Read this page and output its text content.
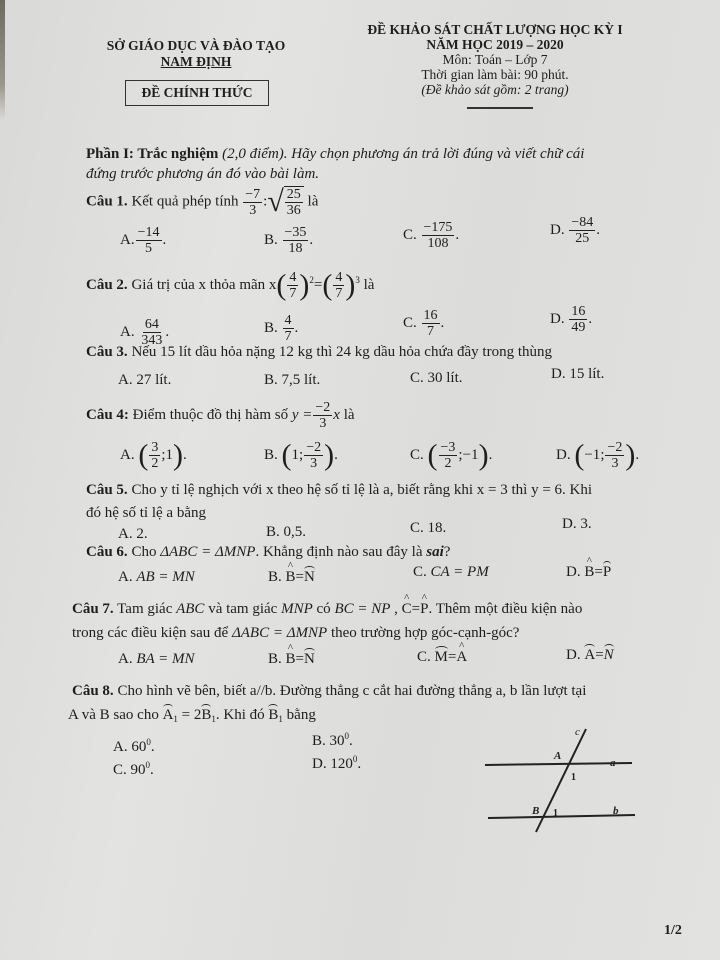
SỞ GIÁO DỤC VÀ ĐÀO TẠO
NAM ĐỊNH
ĐỀ CHÍNH THỨC
ĐỀ KHẢO SÁT CHẤT LƯỢNG HỌC KỲ I
NĂM HỌC 2019 – 2020
Môn: Toán – Lớp 7
Thời gian làm bài: 90 phút.
(Đề khảo sát gồm: 2 trang)
Phần I: Trắc nghiệm (2,0 điểm). Hãy chọn phương án trả lời đúng và viết chữ cái
đứng trước phương án đó vào bài làm.
Câu 1. Kết quả phép tính $\frac{-7}{3}$ : √ $\frac{25}{36}$ là
A. $\frac{-14}{5}$ .	B. $\frac{-35}{18}$ .	C. $\frac{-175}{108}$ .	D. $\frac{-84}{25}$ .
Câu 2. Giá trị của x thỏa mãn $x( \frac{4}{7} )^2=( \frac{4}{7} )^3$ là
A. $\frac{64}{343}$ .	B. $\frac{4}{7}$ .	C. $\frac{16}{7}$ .	D. $\frac{16}{49}$ .
Câu 3. Nếu 15 lít dầu hỏa nặng 12 kg thì 24 kg dầu hỏa chứa đầy trong thùng
A. 27 lít.	B. 7,5 lít.	C. 30 lít.	D. 15 lít.
Câu 4: Điểm thuộc đồ thị hàm số $y = \frac{-2}{3}$ x là
A. ( $\frac{3}{2}$ ;1).	B. (1; $\frac{-2}{3}$ ).	C. ( $\frac{-3}{2}$ ;−1).	D. (−1; $\frac{-2}{3}$ ).
Câu 5. Cho y tỉ lệ nghịch với x theo hệ số tỉ lệ là a, biết rằng khi x = 3 thì y = 6. Khi
đó hệ số tỉ lệ a bằng
A. 2.	B. 0,5.	C. 18.	D. 3.
Câu 6. Cho ΔABC = ΔMNP. Khẳng định nào sau đây là sai?
A. AB = MN	B. ^ B=N	C. CA = PM	D. ^ B=P
Câu 7. Tam giác ABC và tam giác MNP có BC = NP , ^ C=^ P. Thêm một điều kiện nào
trong các điều kiện sau để ΔABC = ΔMNP theo trường hợp góc-cạnh-góc?
A. BA = MN	B. ^ B=N	C. M=^ A	D. A=N
Câu 8. Cho hình vẽ bên, biết a//b. Đường thẳng c cắt hai đường thẳng a, b lần lượt tại
A và B sao cho $A_1 = 2B_1$. Khi đó $B_1$ bằng
A. $60^0$.	B. $30^0$.
C. $90^0$.	D. $120^0$.
c
A
a
1
B 1	b
1/2
